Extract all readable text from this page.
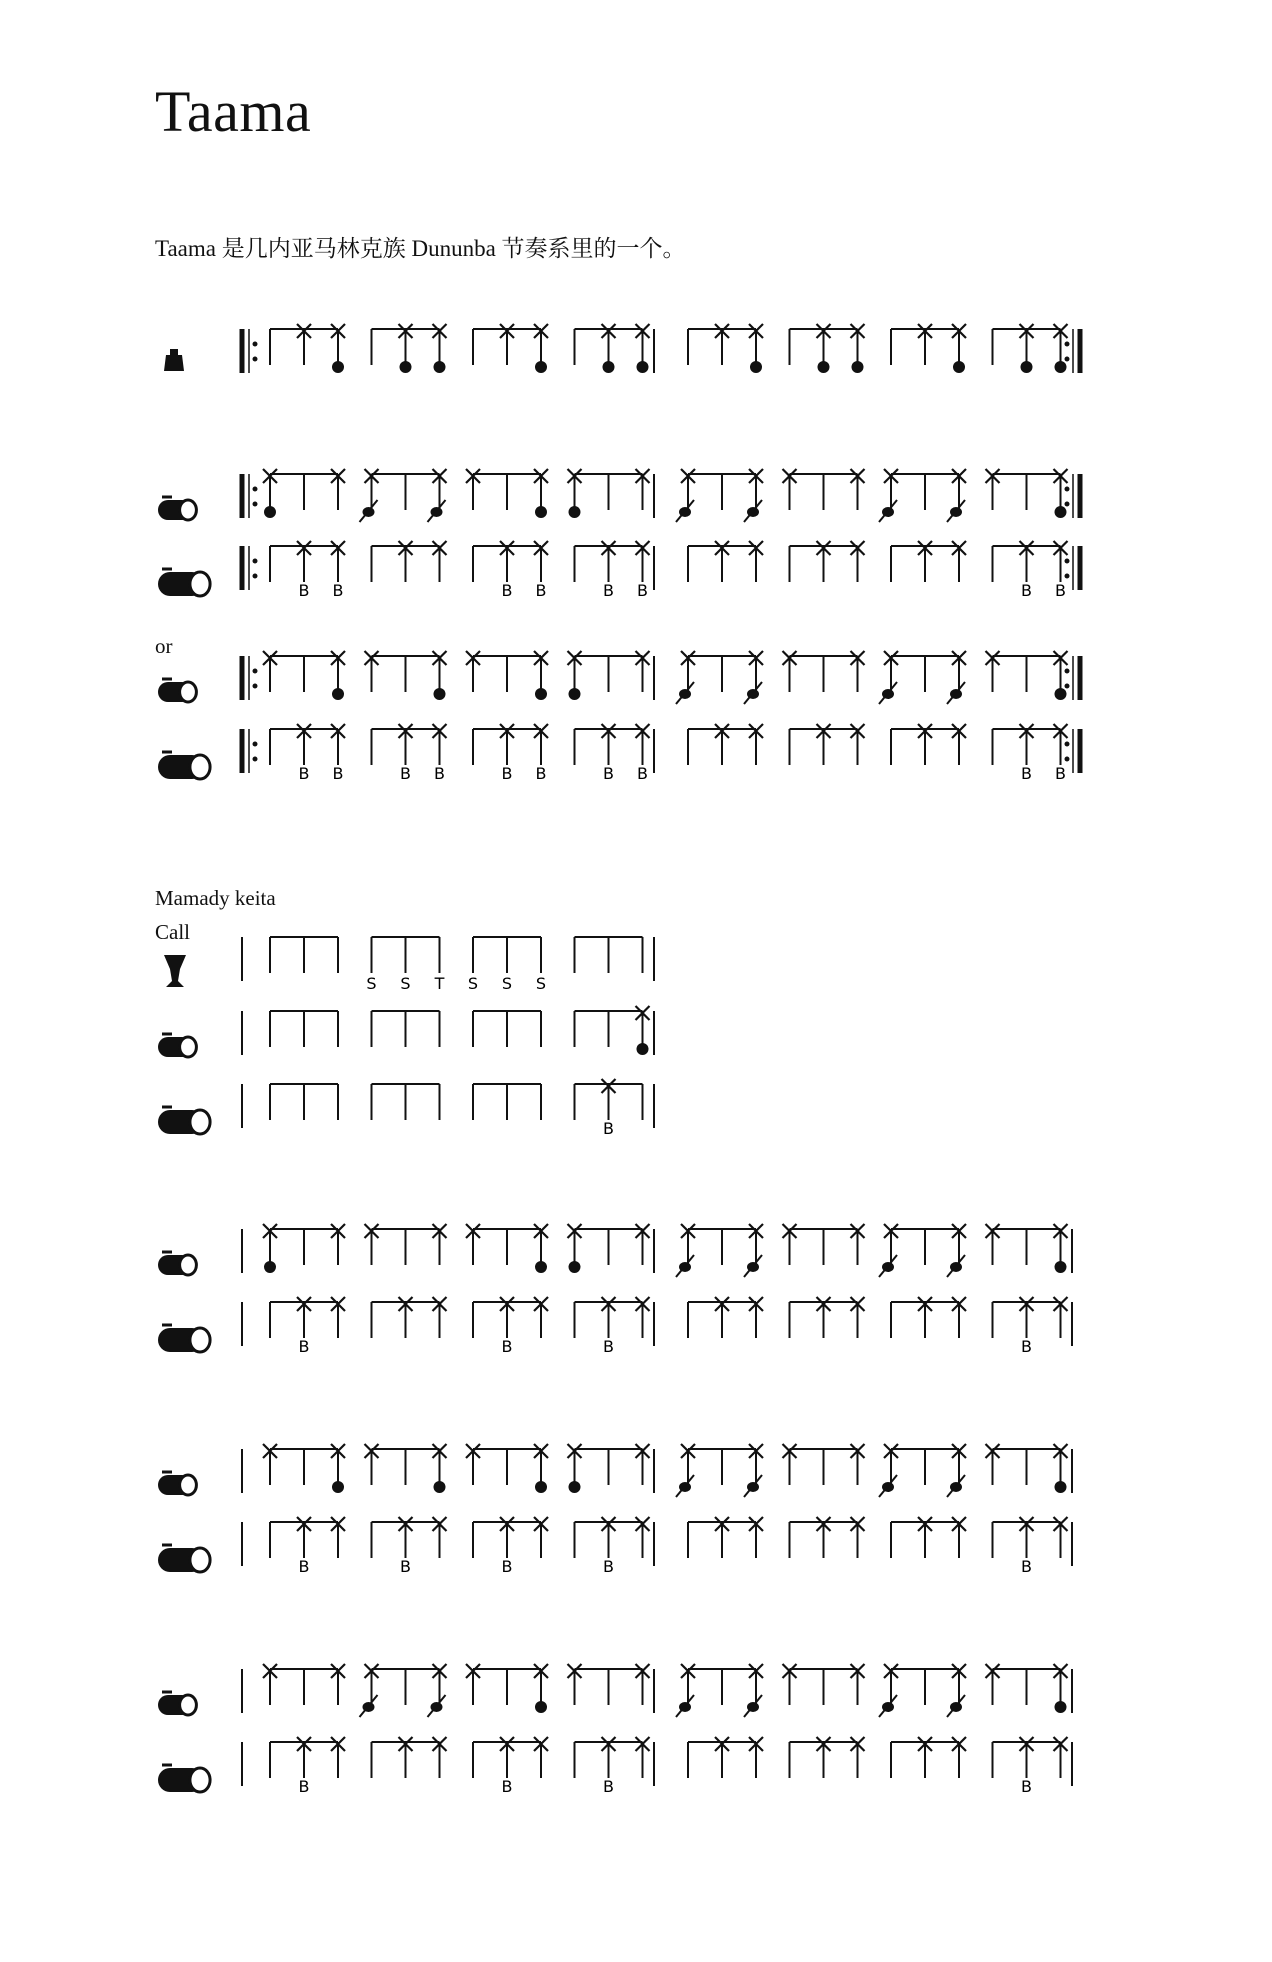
Taama
Taama 是几内亚马林克族 Dununba 节奏系里的一个。
or
Mamady keita
Call
B B	B B	B B	B B
B B	B B	B B	B B	B B
S S T S S S
B
B	B	B	B
B	B	B	B	B
B	B	B	B
